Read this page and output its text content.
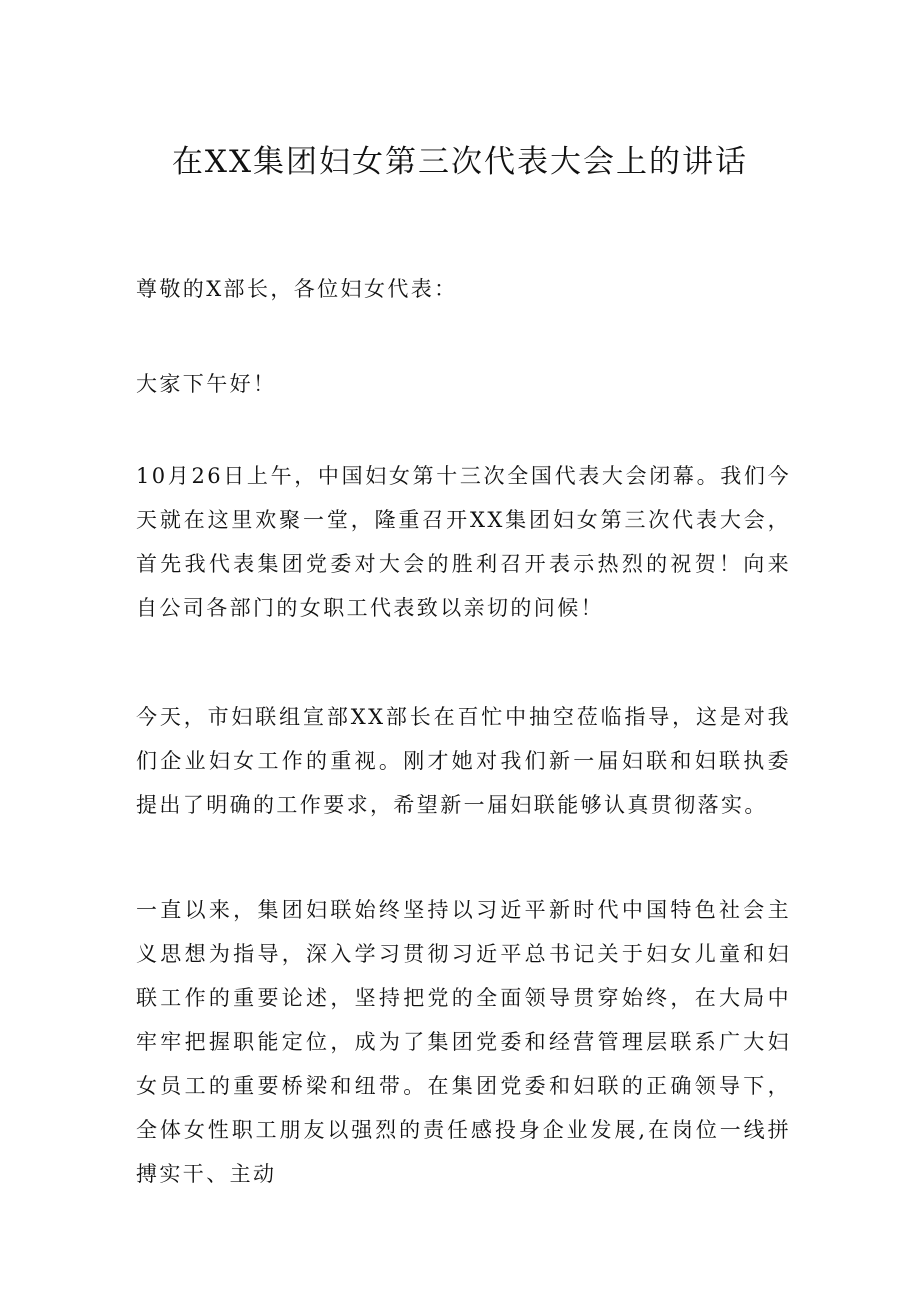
在XX集团妇女第三次代表大会上的讲话

尊敬的X部长，各位妇女代表：

大家下午好！

10月26日上午，中国妇女第十三次全国代表大会闭幕。我们今天就在这里欢聚一堂，隆重召开XX集团妇女第三次代表大会，首先我代表集团党委对大会的胜利召开表示热烈的祝贺！向来自公司各部门的女职工代表致以亲切的问候！

今天，市妇联组宣部XX部长在百忙中抽空莅临指导，这是对我们企业妇女工作的重视。刚才她对我们新一届妇联和妇联执委提出了明确的工作要求，希望新一届妇联能够认真贯彻落实。

一直以来，集团妇联始终坚持以习近平新时代中国特色社会主义思想为指导，深入学习贯彻习近平总书记关于妇女儿童和妇联工作的重要论述，坚持把党的全面领导贯穿始终，在大局中牢牢把握职能定位，成为了集团党委和经营管理层联系广大妇女员工的重要桥梁和纽带。在集团党委和妇联的正确领导下，全体女性职工朋友以强烈的责任感投身企业发展,在岗位一线拼搏实干、主动
